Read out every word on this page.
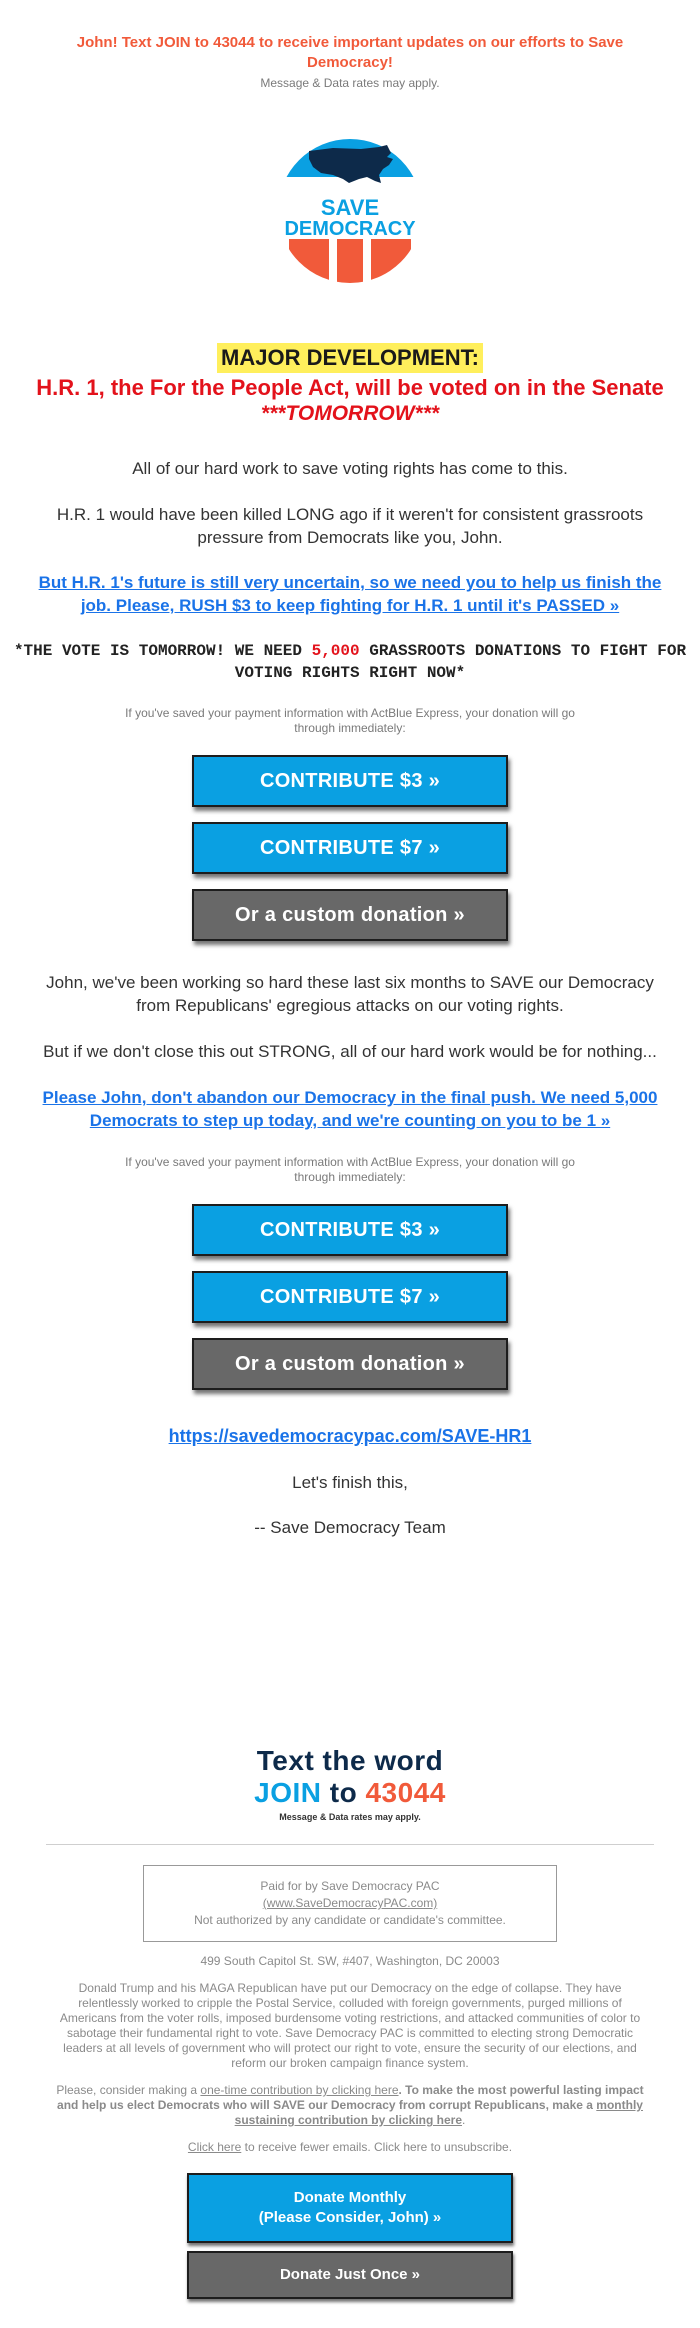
John! Text JOIN to 43044 to receive important updates on our efforts to Save Democracy!
Message & Data rates may apply.
SAVE
DEMOCRACY
MAJOR DEVELOPMENT:
H.R. 1, the For the People Act, will be voted on in the Senate
***TOMORROW***
All of our hard work to save voting rights has come to this.
H.R. 1 would have been killed LONG ago if it weren't for consistent grassroots pressure from Democrats like you, John.
But H.R. 1's future is still very uncertain, so we need you to help us finish the job. Please, RUSH $3 to keep fighting for H.R. 1 until it's PASSED »
*THE VOTE IS TOMORROW! WE NEED 5,000 GRASSROOTS DONATIONS TO FIGHT FOR VOTING RIGHTS RIGHT NOW*
If you've saved your payment information with ActBlue Express, your donation will go through immediately:
CONTRIBUTE $3 »
CONTRIBUTE $7 »
Or a custom donation »
John, we've been working so hard these last six months to SAVE our Democracy from Republicans' egregious attacks on our voting rights.
But if we don't close this out STRONG, all of our hard work would be for nothing...
Please John, don't abandon our Democracy in the final push. We need 5,000 Democrats to step up today, and we're counting on you to be 1 »
If you've saved your payment information with ActBlue Express, your donation will go through immediately:
CONTRIBUTE $3 »
CONTRIBUTE $7 »
Or a custom donation »
https://savedemocracypac.com/SAVE-HR1
Let's finish this,
-- Save Democracy Team
Text the word
JOIN to 43044
Message & Data rates may apply.
Paid for by Save Democracy PAC
(www.SaveDemocracyPAC.com)
Not authorized by any candidate or candidate's committee.
499 South Capitol St. SW, #407, Washington, DC 20003
Donald Trump and his MAGA Republican have put our Democracy on the edge of collapse. They have relentlessly worked to cripple the Postal Service, colluded with foreign governments, purged millions of Americans from the voter rolls, imposed burdensome voting restrictions, and attacked communities of color to sabotage their fundamental right to vote. Save Democracy PAC is committed to electing strong Democratic leaders at all levels of government who will protect our right to vote, ensure the security of our elections, and reform our broken campaign finance system.
Please, consider making a one-time contribution by clicking here. To make the most powerful lasting impact and help us elect Democrats who will SAVE our Democracy from corrupt Republicans, make a monthly sustaining contribution by clicking here.
Click here to receive fewer emails. Click here to unsubscribe.
Donate Monthly
(Please Consider, John) »
Donate Just Once »
